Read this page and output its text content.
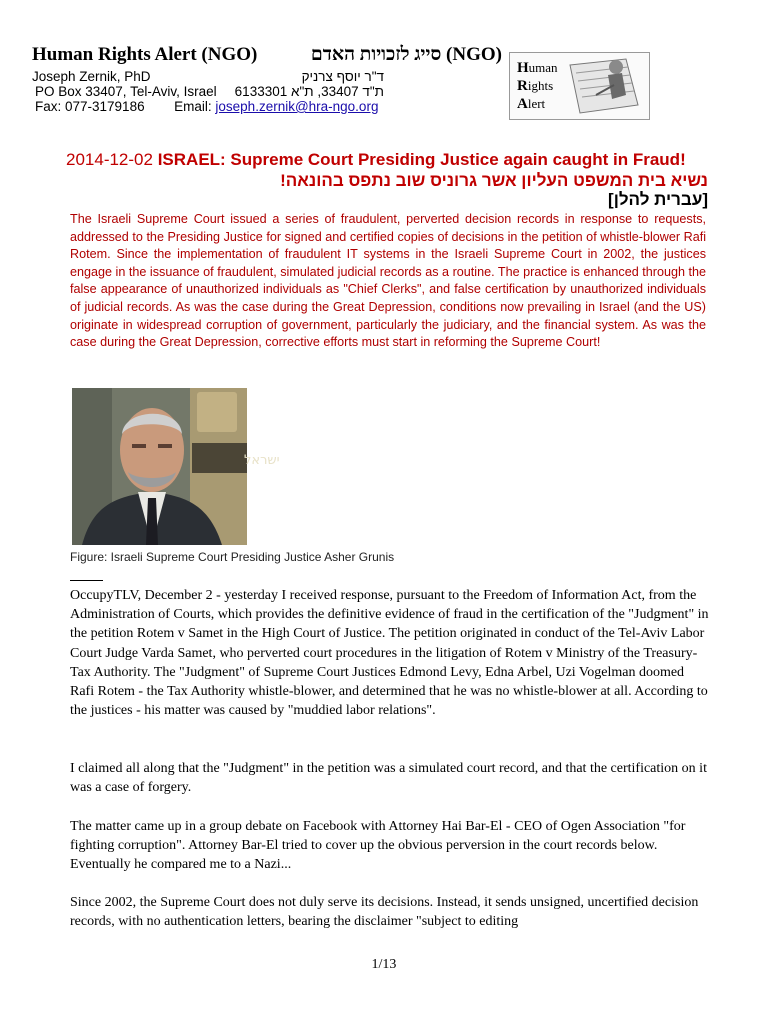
Human Rights Alert (NGO)	(NGO) סייג לזכויות האדם
Joseph Zernik, PhD	ד"ר יוסף צרניק
PO Box 33407, Tel-Aviv, Israel ת"ד 33407, ת"א 6133301
Fax: 077-3179186 Email: joseph.zernik@hra-ngo.org
Human
Rights
Alert
2014-12-02 ISRAEL: Supreme Court Presiding Justice again caught in Fraud!
נשיא בית המשפט העליון אשר גרוניס שוב נתפס בהונאה!
[עברית להלן]
The Israeli Supreme Court issued a series of fraudulent, perverted decision records in response to requests, addressed to the Presiding Justice for signed and certified copies of decisions in the petition of whistle-blower Rafi Rotem. Since the implementation of fraudulent IT systems in the Israeli Supreme Court in 2002, the justices engage in the issuance of fraudulent, simulated judicial records as a routine. The practice is enhanced through the false appearance of unauthorized individuals as "Chief Clerks", and false certification by unauthorized individuals of judicial records. As was the case during the Great Depression, conditions now prevailing in Israel (and the US) originate in widespread corruption of government, particularly the judiciary, and the financial system. As was the case during the Great Depression, corrective efforts must start in reforming the Supreme Court!
ישראל
Figure: Israeli Supreme Court Presiding Justice Asher Grunis

OccupyTLV, December 2 - yesterday I received response, pursuant to the Freedom of Information Act, from the Administration of Courts, which provides the definitive evidence of fraud in the certification of the "Judgment" in the petition Rotem v Samet in the High Court of Justice. The petition originated in conduct of the Tel-Aviv Labor Court Judge Varda Samet, who perverted court procedures in the litigation of Rotem v Ministry of the Treasury-Tax Authority. The "Judgment" of Supreme Court Justices Edmond Levy, Edna Arbel, Uzi Vogelman doomed Rafi Rotem - the Tax Authority whistle-blower, and determined that he was no whistle-blower at all. According to the justices - his matter was caused by "muddied labor relations".

I claimed all along that the "Judgment" in the petition was a simulated court record, and that the certification on it was a case of forgery.

The matter came up in a group debate on Facebook with Attorney Hai Bar-El - CEO of Ogen Association "for fighting corruption". Attorney Bar-El tried to cover up the obvious perversion in the court records below. Eventually he compared me to a Nazi...

Since 2002, the Supreme Court does not duly serve its decisions. Instead, it sends unsigned, uncertified decision records, with no authentication letters, bearing the disclaimer "subject to editing

1/13
